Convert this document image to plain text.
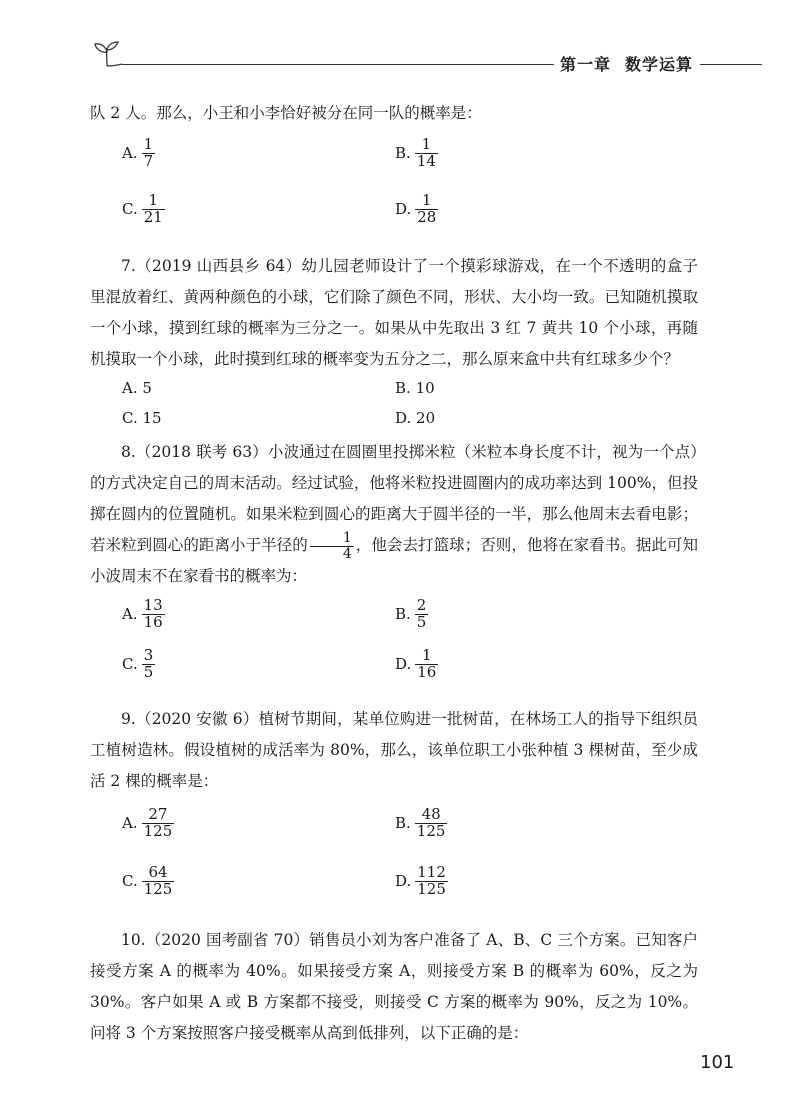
第一章 数学运算

队 2 人。那么，小王和小李恰好被分在同一队的概率是：

A. $\frac{1}{7}$	B. $\frac{1}{14}$
C. $\frac{1}{21}$	D. $\frac{1}{28}$

7.（2019 山西县乡 64）幼儿园老师设计了一个摸彩球游戏，在一个不透明的盒子里混放着红、黄两种颜色的小球，它们除了颜色不同，形状、大小均一致。已知随机摸取一个小球，摸到红球的概率为三分之一。如果从中先取出 3 红 7 黄共 10 个小球，再随机摸取一个小球，此时摸到红球的概率变为五分之二，那么原来盒中共有红球多少个？

A.
5	B.
10
C.
15	D.
20

8.（2018 联考 63）小波通过在圆圈里投掷米粒（米粒本身长度不计，视为一个点）的方式决定自己的周末活动。经过试验，他将米粒投进圆圈内的成功率达到 100%，但投掷在圆内的位置随机。如果米粒到圆心的距离大于圆半径的一半，那么他周末去看电影；若米粒到圆心的距离小于半径的 $\frac{1}{4}$ ，他会去打篮球；否则，他将在家看书。据此可知小波周末不在家看书的概率为：

A. $\frac{13}{16}$	B. $\frac{2}{5}$
C. $\frac{3}{5}$	D. $\frac{1}{16}$

9.（2020 安徽 6）植树节期间，某单位购进一批树苗，在林场工人的指导下组织员工植树造林。假设植树的成活率为 80%，那么，该单位职工小张种植 3 棵树苗，至少成活 2 棵的概率是：

A. $\frac{27}{125}$	B. $\frac{48}{125}$
C. $\frac{64}{125}$	D. $\frac{112}{125}$

10.（2020 国考副省 70）销售员小刘为客户准备了 A、B、C 三个方案。已知客户接受方案 A 的概率为 40%。如果接受方案 A，则接受方案 B 的概率为 60%，反之为 30%。客户如果 A 或 B 方案都不接受，则接受 C 方案的概率为 90%，反之为 10%。问将 3 个方案按照客户接受概率从高到低排列，以下正确的是：

101
